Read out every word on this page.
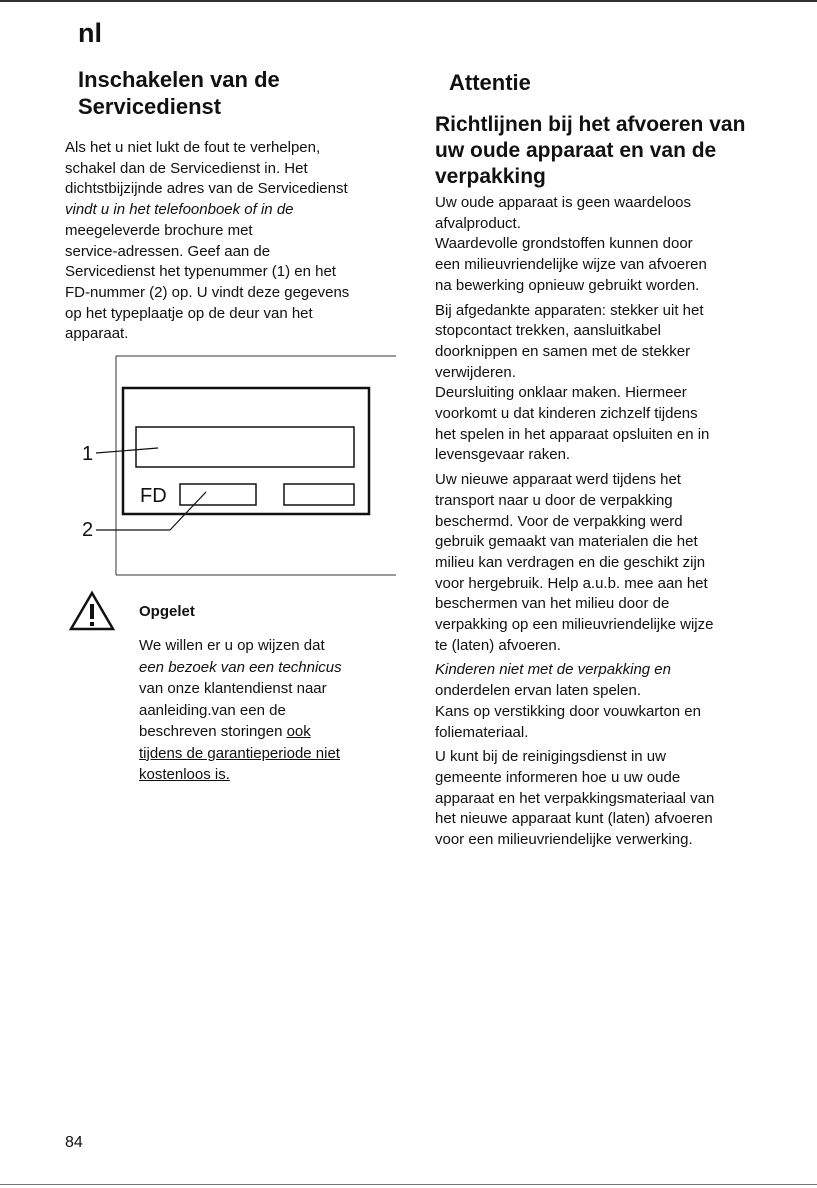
nl
Inschakelen van de
Servicedienst
Als het u niet lukt de fout te verhelpen,
schakel dan de Servicedienst in. Het
dichtstbijzijnde adres van de Servicedienst
vindt u in het telefoonboek of in de
meegeleverde brochure met
service-adressen. Geef aan de
Servicedienst het typenummer (1) en het
FD-nummer (2) op. U vindt deze gegevens
op het typeplaatje op de deur van het
apparaat.
FD
1
2
Opgelet
We willen er u op wijzen dat
een bezoek van een technicus
van onze klantendienst naar
aanleiding.van een de
beschreven storingen ook
tijdens de garantieperiode niet
kostenloos is.
Attentie
Richtlijnen bij het afvoeren van
uw oude apparaat en van de
verpakking

Uw oude apparaat is geen waardeloos
afvalproduct.
Waardevolle grondstoffen kunnen door
een milieuvriendelijke wijze van afvoeren
na bewerking opnieuw gebruikt worden.

Bij afgedankte apparaten: stekker uit het
stopcontact trekken, aansluitkabel
doorknippen en samen met de stekker
verwijderen.
Deursluiting onklaar maken. Hiermeer
voorkomt u dat kinderen zichzelf tijdens
het spelen in het apparaat opsluiten en in
levensgevaar raken.

Uw nieuwe apparaat werd tijdens het
transport naar u door de verpakking
beschermd. Voor de verpakking werd
gebruik gemaakt van materialen die het
milieu kan verdragen en die geschikt zijn
voor hergebruik. Help a.u.b. mee aan het
beschermen van het milieu door de
verpakking op een milieuvriendelijke wijze
te (laten) afvoeren.

Kinderen niet met de verpakking en
onderdelen ervan laten spelen.
Kans op verstikking door vouwkarton en
foliemateriaal.

U kunt bij de reinigingsdienst in uw
gemeente informeren hoe u uw oude
apparaat en het verpakkingsmateriaal van
het nieuwe apparaat kunt (laten) afvoeren
voor een milieuvriendelijke verwerking.

84
